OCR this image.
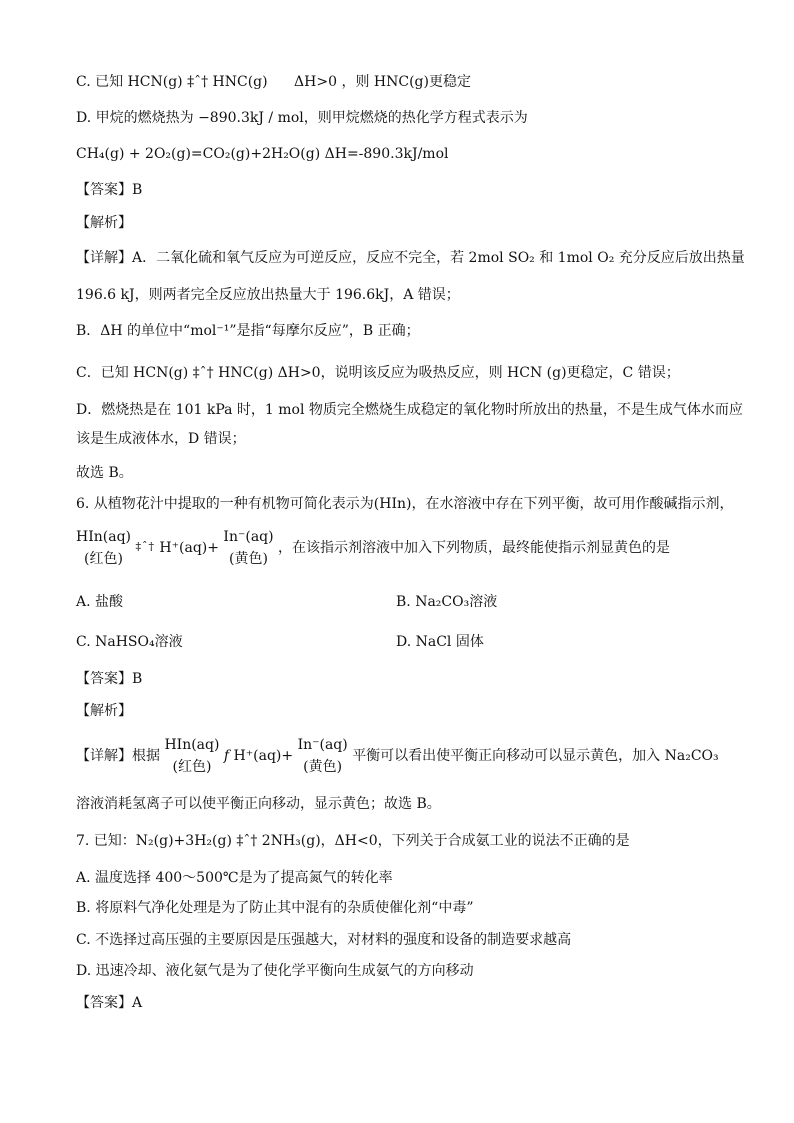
C. 已知 HCN(g) ‡ˆ† HNC(g) ΔH>0 ，则 HNC(g)更稳定
D. 甲烷的燃烧热为 −890.3kJ / mol，则甲烷燃烧的热化学方程式表示为
CH₄(g) + 2O₂(g)=CO₂(g)+2H₂O(g) ΔH=-890.3kJ/mol
【答案】B
【解析】
【详解】A．二氧化硫和氧气反应为可逆反应，反应不完全，若 2mol SO₂ 和 1mol O₂ 充分反应后放出热量
196.6 kJ，则两者完全反应放出热量大于 196.6kJ，A 错误；
B．ΔH 的单位中“mol⁻¹”是指“每摩尔反应”，B 正确；
C．已知 HCN(g) ‡ˆ† HNC(g) ΔH>0，说明该反应为吸热反应，则 HCN (g)更稳定，C 错误；
D．燃烧热是在 101 kPa 时，1 mol 物质完全燃烧生成稳定的氧化物时所放出的热量，不是生成气体水而应
该是生成液体水，D 错误；
故选 B。
6. 从植物花汁中提取的一种有机物可简化表示为(HIn)，在水溶液中存在下列平衡，故可用作酸碱指示剂，
HIn(aq)
(红色)
‡ˆ† H⁺(aq)+
In⁻(aq)
(黄色)
，在该指示剂溶液中加入下列物质，最终能使指示剂显黄色的是
A. 盐酸	B. Na₂CO₃溶液
C. NaHSO₄溶液	D. NaCl 固体
【答案】B
【解析】
【详解】根据
HIn(aq)
(红色)
f H⁺(aq)+
In⁻(aq)
(黄色)
平衡可以看出使平衡正向移动可以显示黄色，加入 Na₂CO₃
溶液消耗氢离子可以使平衡正向移动，显示黄色；故选 B。
7. 已知：N₂(g)+3H₂(g) ‡ˆ† 2NH₃(g)，ΔH<0，下列关于合成氨工业的说法不正确的是
A. 温度选择 400～500℃是为了提高氮气的转化率
B. 将原料气净化处理是为了防止其中混有的杂质使催化剂“中毒”
C. 不选择过高压强的主要原因是压强越大，对材料的强度和设备的制造要求越高
D. 迅速冷却、液化氨气是为了使化学平衡向生成氨气的方向移动
【答案】A
